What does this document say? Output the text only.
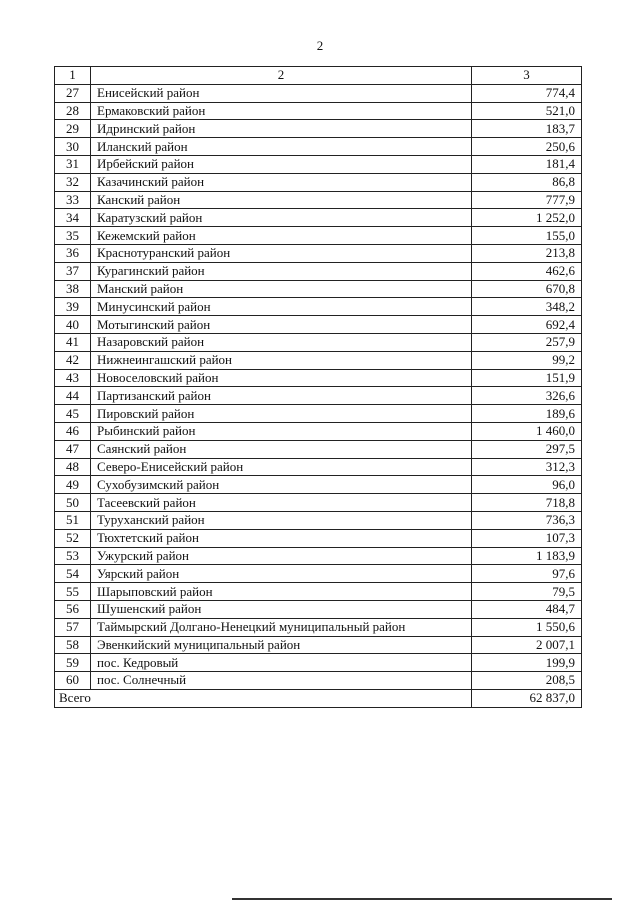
2
1	2	3
27	Енисейский район	774,4
28	Ермаковский район	521,0
29	Идринский район	183,7
30	Иланский район	250,6
31	Ирбейский район	181,4
32	Казачинский район	86,8
33	Канский район	777,9
34	Каратузский район	1 252,0
35	Кежемский район	155,0
36	Краснотуранский район	213,8
37	Курагинский район	462,6
38	Манский район	670,8
39	Минусинский район	348,2
40	Мотыгинский район	692,4
41	Назаровский район	257,9
42	Нижнеингашский район	99,2
43	Новоселовский район	151,9
44	Партизанский район	326,6
45	Пировский район	189,6
46	Рыбинский район	1 460,0
47	Саянский район	297,5
48	Северо-Енисейский район	312,3
49	Сухобузимский район	96,0
50	Тасеевский район	718,8
51	Туруханский район	736,3
52	Тюхтетский район	107,3
53	Ужурский район	1 183,9
54	Уярский район	97,6
55	Шарыповский район	79,5
56	Шушенский район	484,7
57	Таймырский Долгано-Ненецкий муниципальный район	1 550,6
58	Эвенкийский муниципальный район	2 007,1
59	пос. Кедровый	199,9
60	пос. Солнечный	208,5
Всего		62 837,0
